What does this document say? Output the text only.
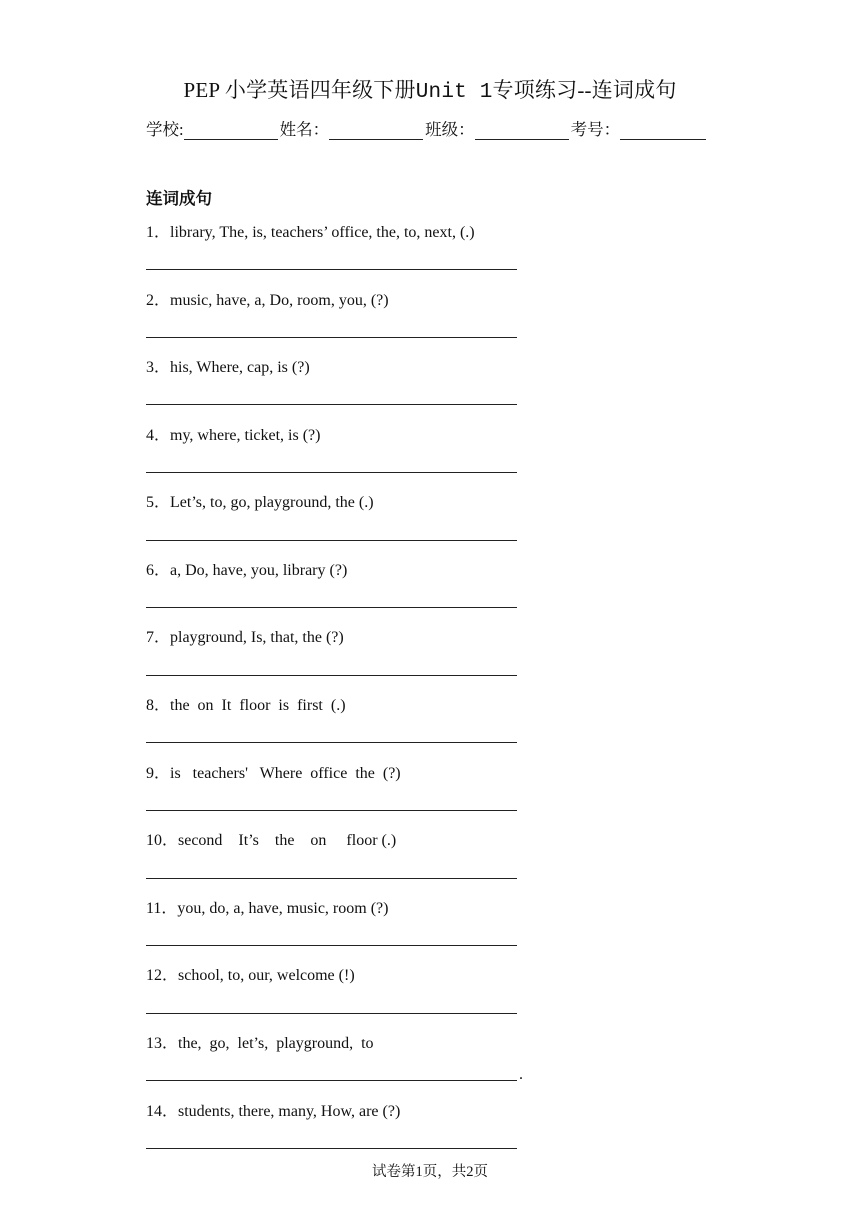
PEP 小学英语四年级下册Unit 1专项练习--连词成句
学校:	姓名：	班级：	考号：
连词成句
1．library, The, is, teachers’ office, the, to, next, (.)
2．music, have, a, Do, room, you, (?)
3．his, Where, cap, is (?)
4．my, where, ticket, is (?)
5．Let’s, to, go, playground, the (.)
6．a, Do, have, you, library (?)
7．playground, Is, that, the (?)
8．the  on  It  floor  is  first  (.)
9．is   teachers'   Where  office  the  (?)
10．second    It’s    the    on     floor (.)
11．you, do, a, have, music, room (?)
12．school, to, our, welcome (!)
13．the,  go,  let’s,  playground,  to
.
14．students, there, many, How, are (?)
试卷第1页，共2页
